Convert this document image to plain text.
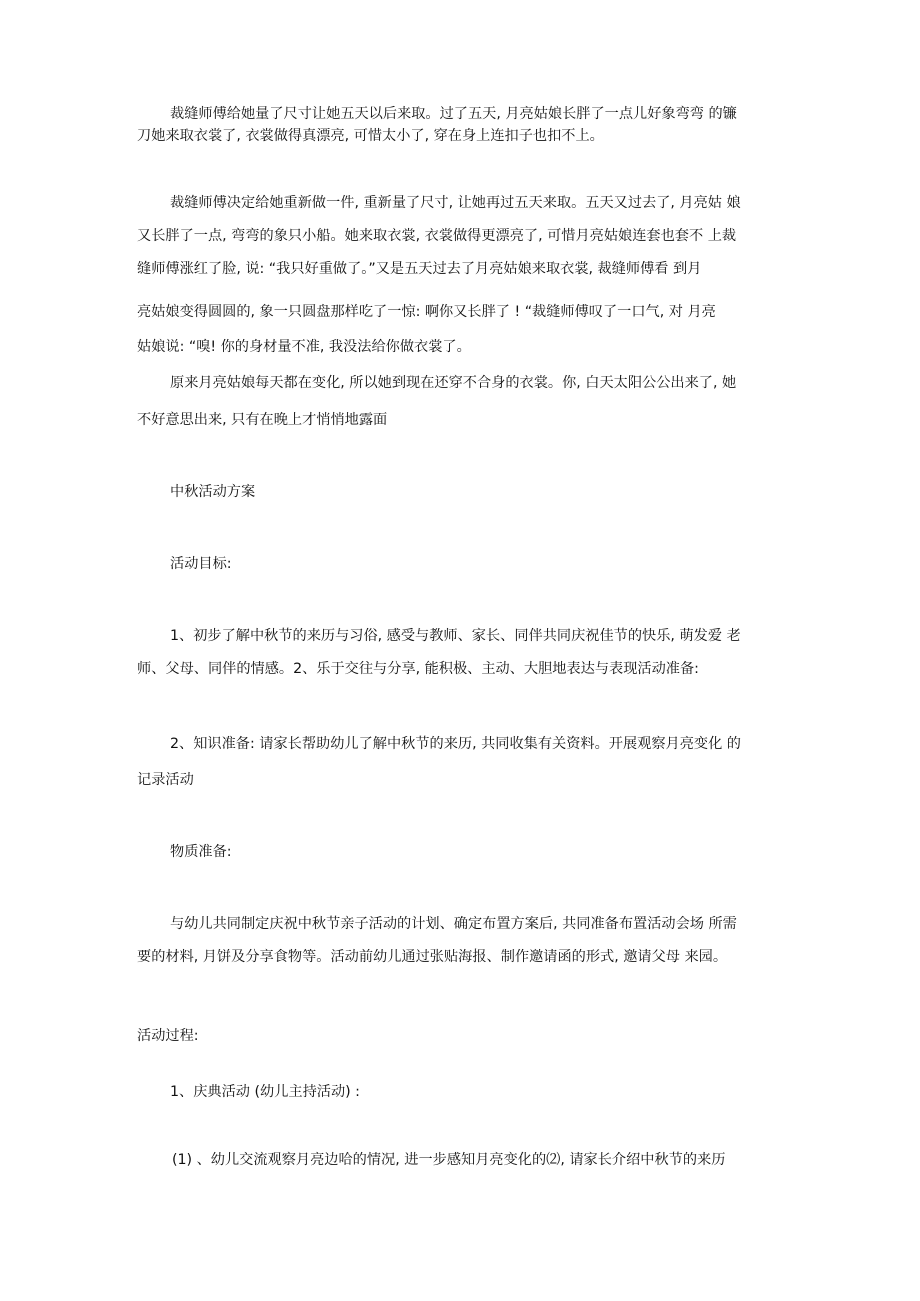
裁缝师傅给她量了尺寸让她五天以后来取。过了五天, 月亮姑娘长胖了一点儿好象弯弯 的镰
刀她来取衣裳了, 衣裳做得真漂亮, 可惜太小了, 穿在身上连扣子也扣不上。
裁缝师傅决定给她重新做一件, 重新量了尺寸, 让她再过五天来取。五天又过去了, 月亮姑 娘
又长胖了一点, 弯弯的象只小船。她来取衣裳, 衣裳做得更漂亮了, 可惜月亮姑娘连套也套不 上裁
缝师傅涨红了脸, 说: “我只好重做了。”又是五天过去了月亮姑娘来取衣裳, 裁缝师傅看 到月
亮姑娘变得圆圆的, 象一只圆盘那样吃了一惊: 啊你又长胖了 ! “裁缝师傅叹了一口气, 对 月亮
姑娘说: “嗅! 你的身材量不准, 我没法给你做衣裳了。
原来月亮姑娘每天都在变化, 所以她到现在还穿不合身的衣裳。你, 白天太阳公公出来了, 她
不好意思出来, 只有在晚上才悄悄地露面
中秋活动方案
活动目标:
1、初步了解中秋节的来历与习俗, 感受与教师、家长、同伴共同庆祝佳节的快乐, 萌发爱 老
师、父母、同伴的情感。2、乐于交往与分享, 能积极、主动、大胆地表达与表现活动准备:
2、知识准备: 请家长帮助幼儿了解中秋节的来历, 共同收集有关资料。开展观察月亮变化 的
记录活动
物质准备:
与幼儿共同制定庆祝中秋节亲子活动的计划、确定布置方案后, 共同准备布置活动会场 所需
要的材料, 月饼及分享食物等。活动前幼儿通过张贴海报、制作邀请函的形式, 邀请父母 来园。
活动过程:
1、庆典活动 (幼儿主持活动) :
(1) 、幼儿交流观察月亮边哈的情况, 进一步感知月亮变化的⑵, 请家长介绍中秋节的来历
